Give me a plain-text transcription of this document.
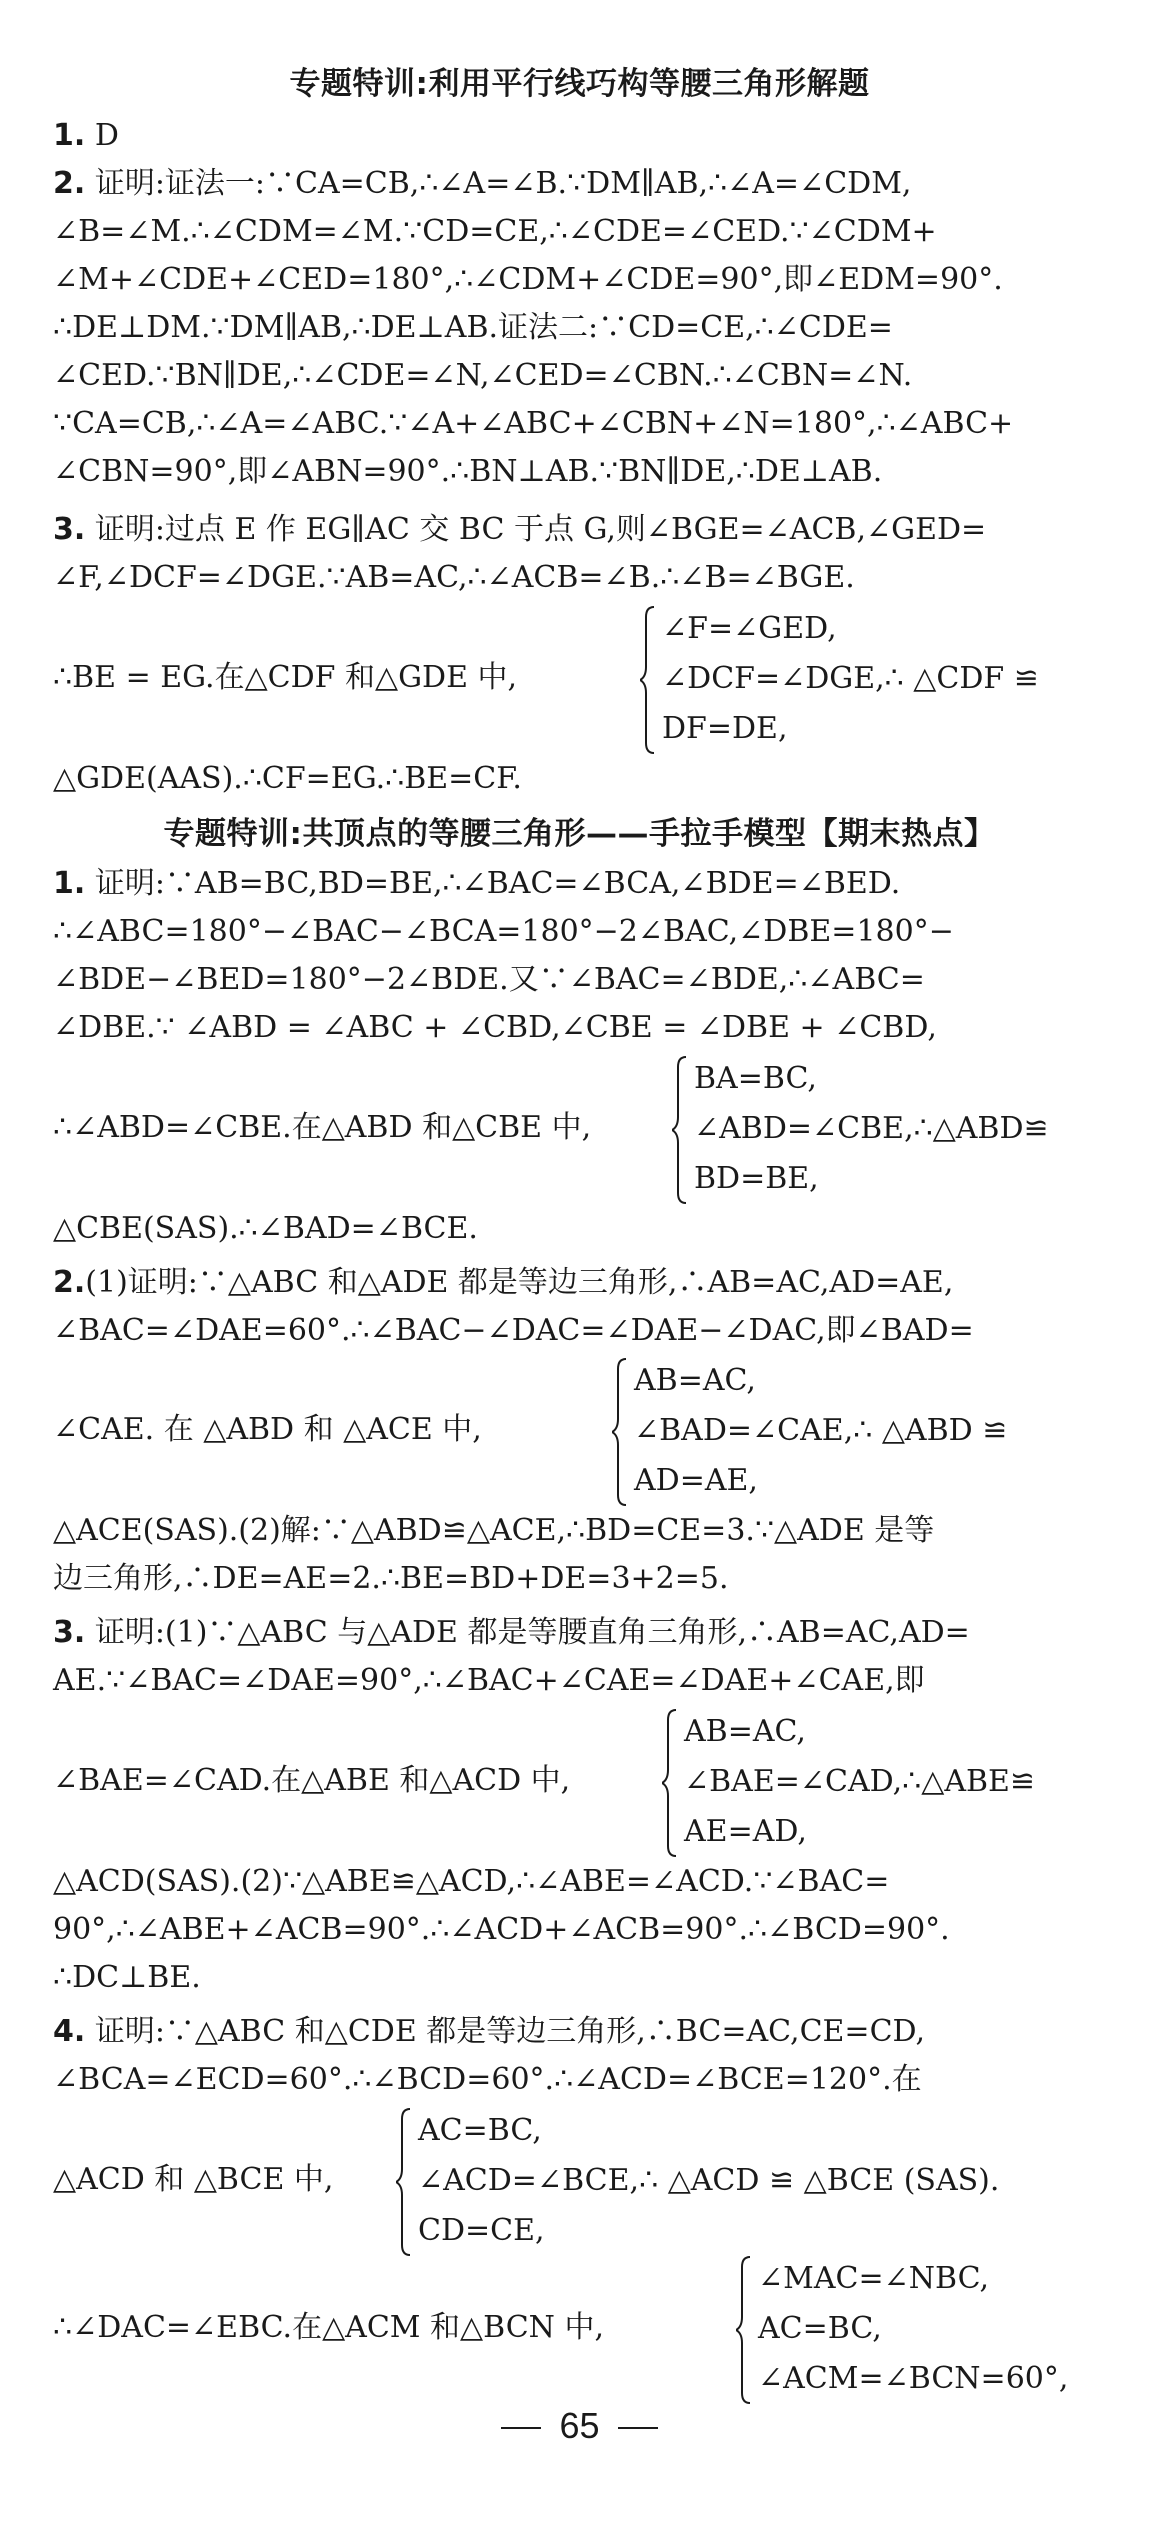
专题特训:利用平行线巧构等腰三角形解题
1. D
2. 证明:证法一:∵CA=CB,∴∠A=∠B.∵DM∥AB,∴∠A=∠CDM,
∠B=∠M.∴∠CDM=∠M.∵CD=CE,∴∠CDE=∠CED.∵∠CDM+
∠M+∠CDE+∠CED=180°,∴∠CDM+∠CDE=90°,即∠EDM=90°.
∴DE⊥DM.∵DM∥AB,∴DE⊥AB.证法二:∵CD=CE,∴∠CDE=
∠CED.∵BN∥DE,∴∠CDE=∠N,∠CED=∠CBN.∴∠CBN=∠N.
∵CA=CB,∴∠A=∠ABC.∵∠A+∠ABC+∠CBN+∠N=180°,∴∠ABC+
∠CBN=90°,即∠ABN=90°.∴BN⊥AB.∵BN∥DE,∴DE⊥AB.
3. 证明:过点 E 作 EG∥AC 交 BC 于点 G,则∠BGE=∠ACB,∠GED=
∠F,∠DCF=∠DGE.∵AB=AC,∴∠ACB=∠B.∴∠B=∠BGE.
∴BE = EG.在△CDF 和△GDE 中,
∠F=∠GED,
∠DCF=∠DGE,∴ △CDF ≌
DF=DE,
△GDE(AAS).∴CF=EG.∴BE=CF.
专题特训:共顶点的等腰三角形——手拉手模型【期末热点】
1. 证明:∵AB=BC,BD=BE,∴∠BAC=∠BCA,∠BDE=∠BED.
∴∠ABC=180°−∠BAC−∠BCA=180°−2∠BAC,∠DBE=180°−
∠BDE−∠BED=180°−2∠BDE.又∵∠BAC=∠BDE,∴∠ABC=
∠DBE.∵ ∠ABD = ∠ABC + ∠CBD,∠CBE = ∠DBE + ∠CBD,
∴∠ABD=∠CBE.在△ABD 和△CBE 中,
BA=BC,
∠ABD=∠CBE,∴△ABD≌
BD=BE,
△CBE(SAS).∴∠BAD=∠BCE.
2.(1)证明:∵△ABC 和△ADE 都是等边三角形,∴AB=AC,AD=AE,
∠BAC=∠DAE=60°.∴∠BAC−∠DAC=∠DAE−∠DAC,即∠BAD=
∠CAE. 在 △ABD 和 △ACE 中,
AB=AC,
∠BAD=∠CAE,∴ △ABD ≌
AD=AE,
△ACE(SAS).(2)解:∵△ABD≌△ACE,∴BD=CE=3.∵△ADE 是等
边三角形,∴DE=AE=2.∴BE=BD+DE=3+2=5.
3. 证明:(1)∵△ABC 与△ADE 都是等腰直角三角形,∴AB=AC,AD=
AE.∵∠BAC=∠DAE=90°,∴∠BAC+∠CAE=∠DAE+∠CAE,即
∠BAE=∠CAD.在△ABE 和△ACD 中,
AB=AC,
∠BAE=∠CAD,∴△ABE≌
AE=AD,
△ACD(SAS).(2)∵△ABE≌△ACD,∴∠ABE=∠ACD.∵∠BAC=
90°,∴∠ABE+∠ACB=90°.∴∠ACD+∠ACB=90°.∴∠BCD=90°.
∴DC⊥BE.
4. 证明:∵△ABC 和△CDE 都是等边三角形,∴BC=AC,CE=CD,
∠BCA=∠ECD=60°.∴∠BCD=60°.∴∠ACD=∠BCE=120°.在
△ACD 和 △BCE 中,
AC=BC,
∠ACD=∠BCE,∴ △ACD ≌ △BCE (SAS).
CD=CE,
∴∠DAC=∠EBC.在△ACM 和△BCN 中,
∠MAC=∠NBC,
AC=BC,
∠ACM=∠BCN=60°,
65
